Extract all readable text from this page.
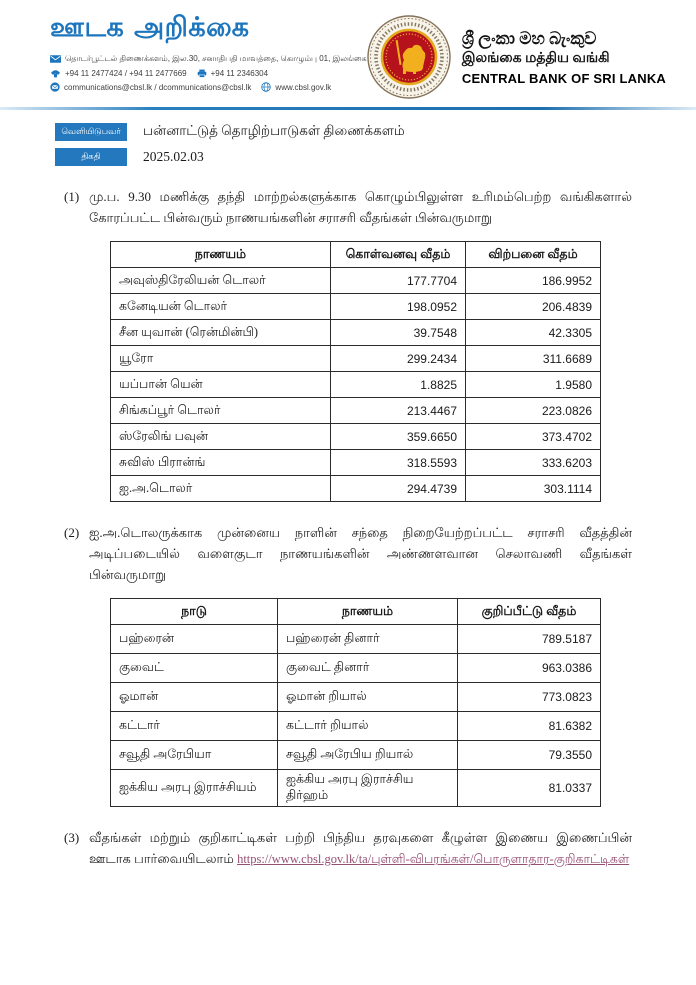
ஊடக அறிக்கை
தொடர்பூட்டல் திணைக்களம், இல.30, சனாதிபதி மாவத்தை, கொழும்பு 01, இலங்கை
+94 11 2477424 / +94 11 2477669	+94 11 2346304
communications@cbsl.lk / dcommunications@cbsl.lk	www.cbsl.gov.lk
ශ්‍රී ලංකා මහ බැංකුව
இலங்கை மத்திய வங்கி
CENTRAL BANK OF SRI LANKA
வெளியிடுபவர்	பன்னாட்டுத் தொழிற்பாடுகள் திணைக்களம்
திகதி	2025.02.03
(1) மு.ப. 9.30 மணிக்கு தந்தி மாற்றல்களுக்காக கொழும்பிலுள்ள உரிமம்பெற்ற வங்கிகளால் கோரப்பட்ட பின்வரும் நாணயங்களின் சராசரி வீதங்கள் பின்வருமாறு

நாணயம்	கொள்வனவு வீதம்	விற்பனை வீதம்
அவுஸ்திரேலியன் டொலர்	177.7704	186.9952
கனேடியன் டொலர்	198.0952	206.4839
சீன யுவான் (ரென்மின்பி)	39.7548	42.3305
யூரோ	299.2434	311.6689
யப்பான் யென்	1.8825	1.9580
சிங்கப்பூர் டொலர்	213.4467	223.0826
ஸ்ரேலிங் பவுன்	359.6650	373.4702
சுவிஸ் பிரான்ங்	318.5593	333.6203
ஐ.அ.டொலர்	294.4739	303.1114
(2) ஐ.அ.டொலருக்காக முன்னைய நாளின் சந்தை நிறையேற்றப்பட்ட சராசரி வீதத்தின் அடிப்படையில் வளைகுடா நாணயங்களின் அண்ணளவான செலாவணி வீதங்கள் பின்வருமாறு

நாடு	நாணயம்	குறிப்பீட்டு வீதம்
பஹ்ரைன்	பஹ்ரைன் தினார்	789.5187
குவைட்	குவைட் தினார்	963.0386
ஓமான்	ஓமான் றியால்	773.0823
கட்டார்	கட்டார் றியால்	81.6382
சவூதி அரேபியா	சவூதி அரேபிய றியால்	79.3550
ஐக்கிய அரபு இராச்சியம்	ஐக்கிய அரபு இராச்சிய திர்ஹம்	81.0337
(3) வீதங்கள் மற்றும் குறிகாட்டிகள் பற்றி பிந்திய தரவுகளை கீழுள்ள இணைய இணைப்பின் ஊடாக பார்வையிடலாம் https://www.cbsl.gov.lk/ta/புள்ளி-விபரங்கள்/பொருளாதார-குறிகாட்டிகள்
